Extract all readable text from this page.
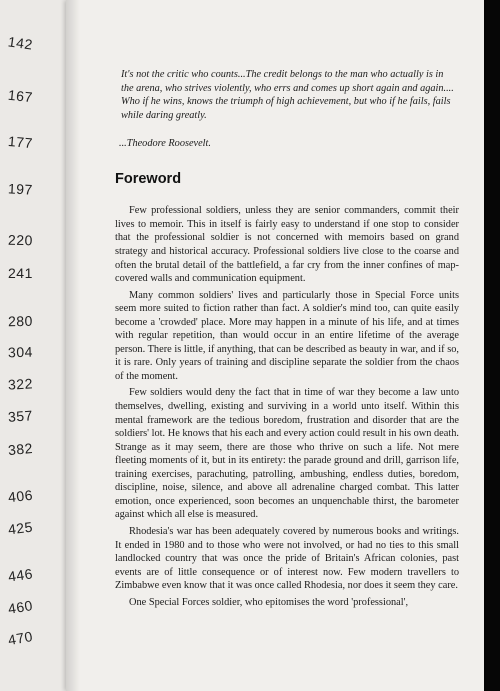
142
167
177
197
220
241
280
304
322
357
382
406
425
446
460
470

It's not the critic who counts...The credit belongs to the man who actually is in the arena, who strives violently, who errs and comes up short again and again.... Who if he wins, knows the triumph of high achievement, but who if he fails, fails while daring greatly.

...Theodore Roosevelt.

Foreword

Few professional soldiers, unless they are senior commanders, commit their lives to memoir. This in itself is fairly easy to understand if one stop to consider that the professional soldier is not concerned with memoirs based on grand strategy and historical accuracy. Professional soldiers live close to the coarse and often the brutal detail of the battlefield, a far cry from the inner confines of map-covered walls and communication equipment.

Many common soldiers' lives and particularly those in Special Force units seem more suited to fiction rather than fact. A soldier's mind too, can quite easily become a 'crowded' place. More may happen in a minute of his life, and at times with regular repetition, than would occur in an entire lifetime of the average person. There is little, if anything, that can be described as beauty in war, and if so, it is rare. Only years of training and discipline separate the soldier from the chaos of the moment.

Few soldiers would deny the fact that in time of war they become a law unto themselves, dwelling, existing and surviving in a world unto itself. Within this mental framework are the tedious boredom, frustration and disorder that are the soldiers' lot. He knows that his each and every action could result in his own death. Strange as it may seem, there are those who thrive on such a life. Not mere fleeting moments of it, but in its entirety: the parade ground and drill, garrison life, training exercises, parachuting, patrolling, ambushing, endless duties, boredom, discipline, noise, silence, and above all adrenaline charged combat. This latter emotion, once experienced, soon becomes an unquenchable thirst, the barometer against which all else is measured.

Rhodesia's war has been adequately covered by numerous books and writings. It ended in 1980 and to those who were not involved, or had no ties to this small landlocked country that was once the pride of Britain's African colonies, past events are of little consequence or of interest now. Few modern travellers to Zimbabwe even know that it was once called Rhodesia, nor does it seem they care.

One Special Forces soldier, who epitomises the word 'professional',
